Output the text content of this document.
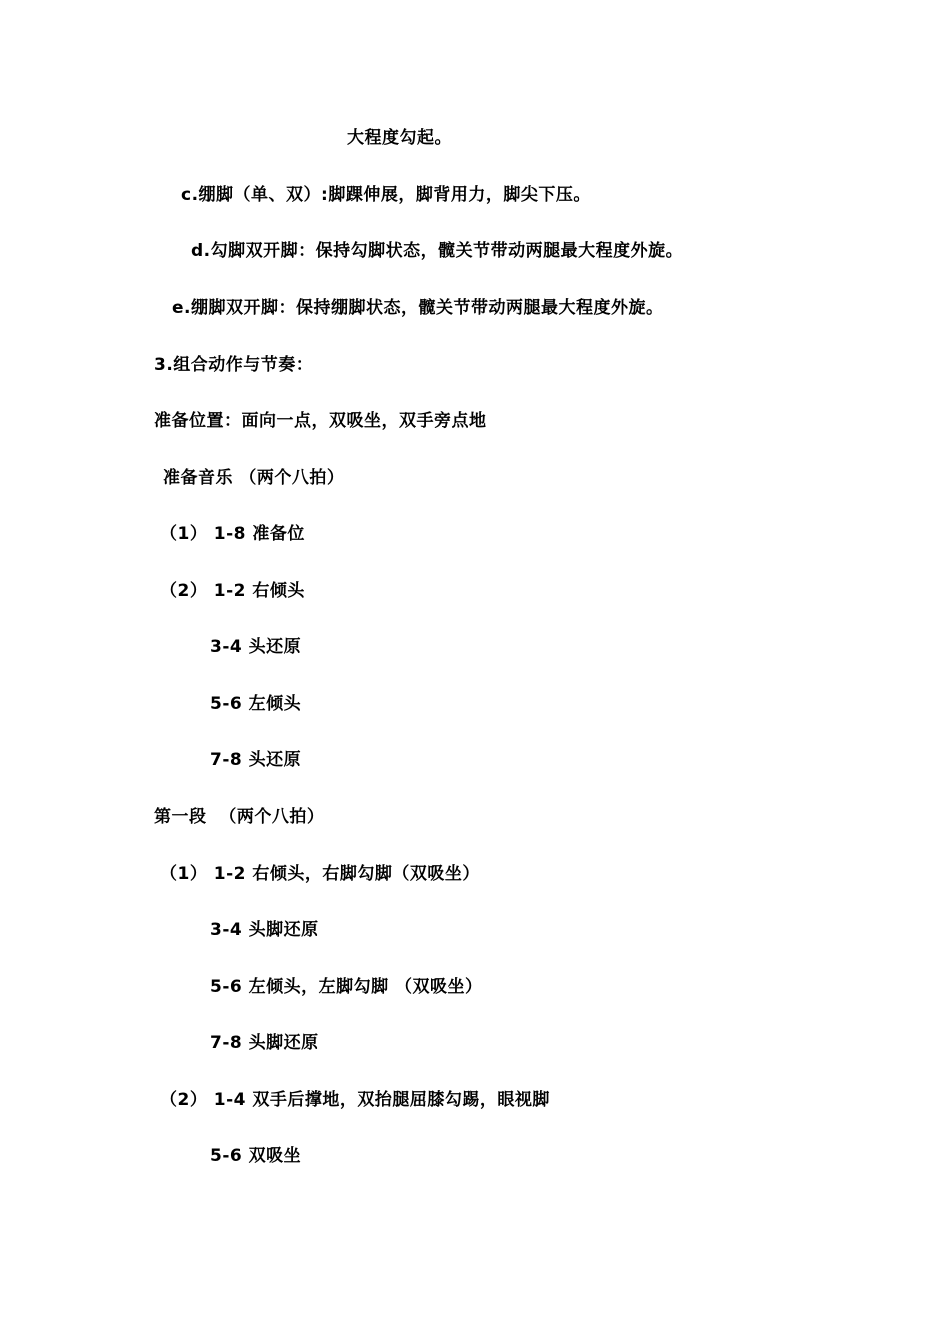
大程度勾起。
c.绷脚（单、双）:脚踝伸展，脚背用力，脚尖下压。
d.勾脚双开脚：保持勾脚状态，髋关节带动两腿最大程度外旋。
e.绷脚双开脚：保持绷脚状态，髋关节带动两腿最大程度外旋。
3.组合动作与节奏：
准备位置：面向一点，双吸坐，双手旁点地
准备音乐 （两个八拍）
（1） 1-8 准备位
（2） 1-2 右倾头
3-4 头还原
5-6 左倾头
7-8 头还原
第一段  （两个八拍）
（1） 1-2 右倾头，右脚勾脚（双吸坐）
3-4 头脚还原
5-6 左倾头，左脚勾脚 （双吸坐）
7-8 头脚还原
（2） 1-4 双手后撑地，双抬腿屈膝勾踢，眼视脚
5-6 双吸坐
